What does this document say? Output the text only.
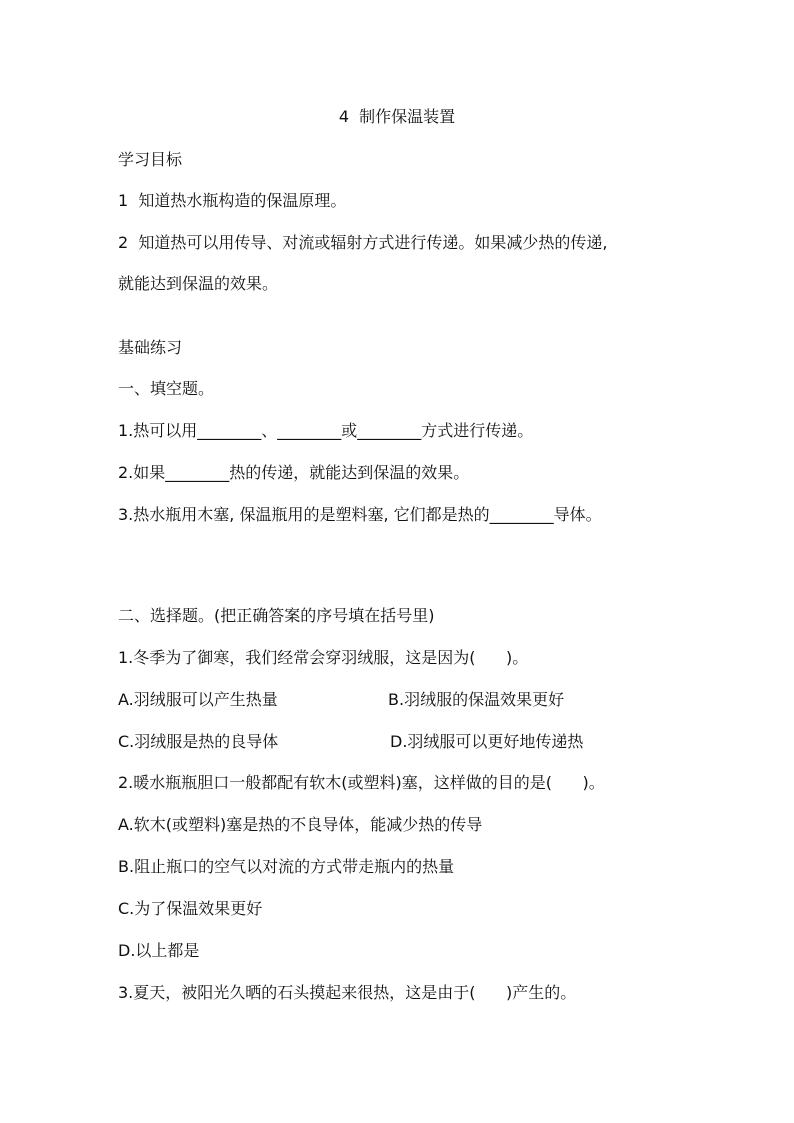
4  制作保温装置
学习目标
1  知道热水瓶构造的保温原理。
2  知道热可以用传导、对流或辐射方式进行传递。如果减少热的传递,
就能达到保温的效果。
基础练习
一、填空题。
1.热可以用________、________或________方式进行传递。
2.如果________热的传递，就能达到保温的效果。
3.热水瓶用木塞, 保温瓶用的是塑料塞, 它们都是热的________导体。
二、选择题。(把正确答案的序号填在括号里)
1.冬季为了御寒，我们经常会穿羽绒服，这是因为(      )。
A.羽绒服可以产生热量	B.羽绒服的保温效果更好
C.羽绒服是热的良导体	D.羽绒服可以更好地传递热
2.暖水瓶瓶胆口一般都配有软木(或塑料)塞，这样做的目的是(      )。
A.软木(或塑料)塞是热的不良导体，能减少热的传导
B.阻止瓶口的空气以对流的方式带走瓶内的热量
C.为了保温效果更好
D.以上都是
3.夏天，被阳光久晒的石头摸起来很热，这是由于(      )产生的。
